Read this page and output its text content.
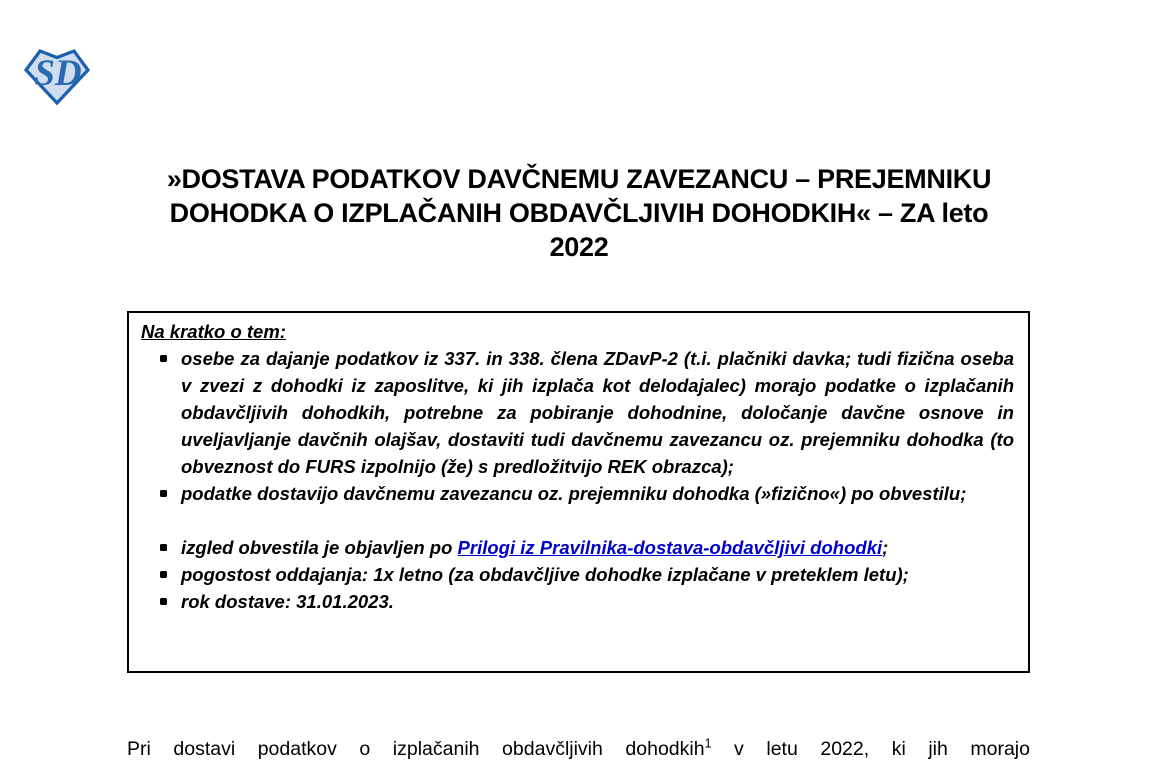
SD
»DOSTAVA PODATKOV DAVČNEMU ZAVEZANCU – PREJEMNIKU
DOHODKA O IZPLAČANIH OBDAVČLJIVIH DOHODKIH« – ZA leto
2022

Na kratko o tem:

osebe za dajanje podatkov iz 337. in 338. člena ZDavP-2 (t.i. plačniki davka; tudi fizična oseba v zvezi z dohodki iz zaposlitve, ki jih izplača kot delodajalec) morajo podatke o izplačanih obdavčljivih dohodkih, potrebne za pobiranje dohodnine, določanje davčne osnove in uveljavljanje davčnih olajšav, dostaviti tudi davčnemu zavezancu oz. prejemniku dohodka (to obveznost do FURS izpolnijo (že) s predložitvijo REK obrazca);
podatke dostavijo davčnemu zavezancu oz. prejemniku dohodka (»fizično«) po obvestilu;
izgled obvestila je objavljen po Prilogi iz Pravilnika-dostava-obdavčljivi dohodki;
pogostost oddajanja: 1x letno (za obdavčljive dohodke izplačane v preteklem letu);
rok dostave: 31.01.2023.

Pri dostavi podatkov o izplačanih obdavčljivih dohodkih$^1$ v letu 2022, ki jih morajo
